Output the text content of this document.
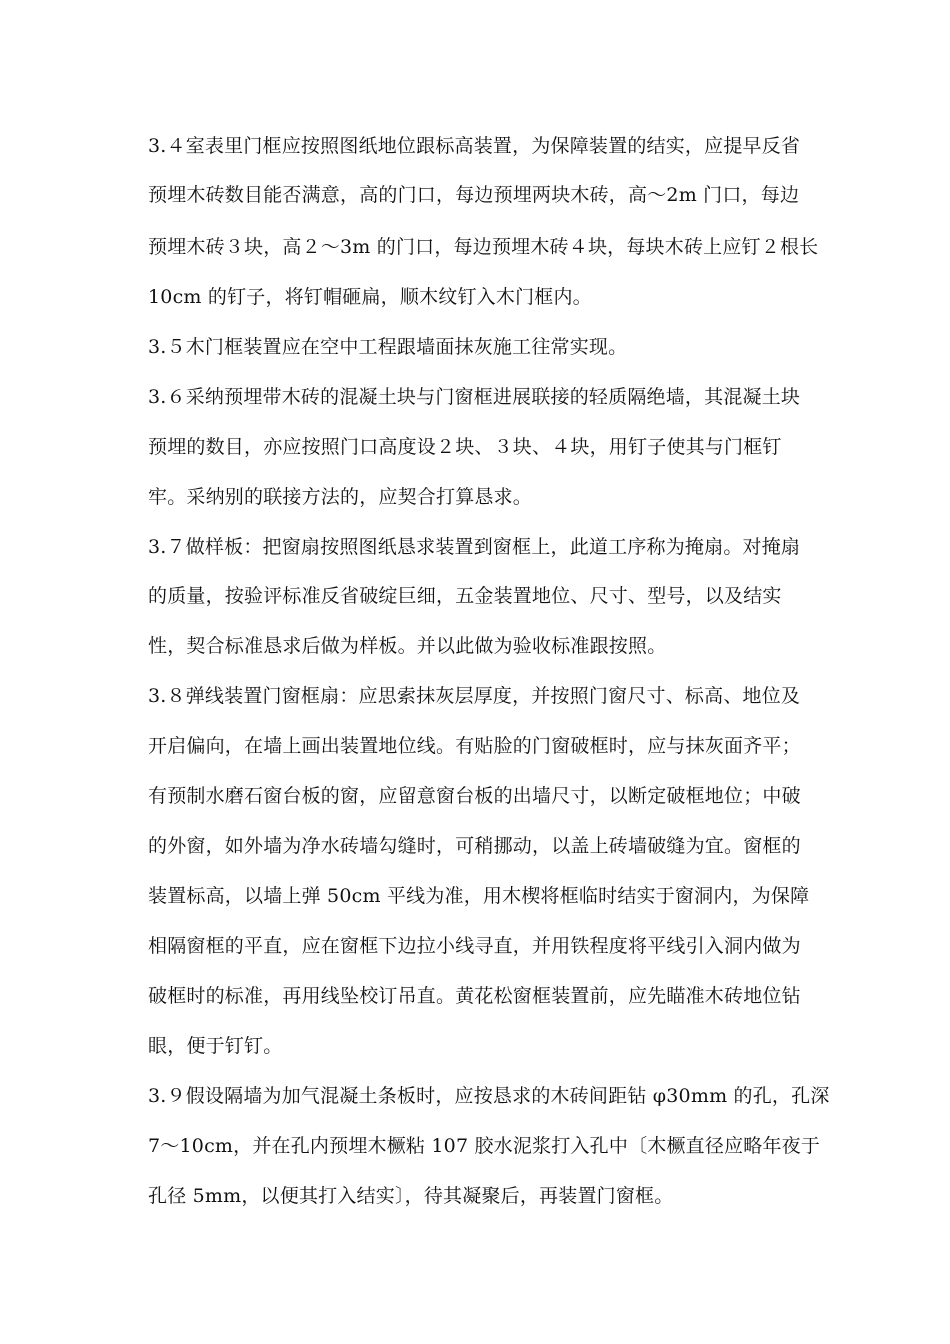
3.４室表里门框应按照图纸地位跟标高装置，为保障装置的结实，应提早反省
预埋木砖数目能否满意，高的门口，每边预埋两块木砖，高～2m 门口，每边
预埋木砖３块，高２～3m 的门口，每边预埋木砖４块，每块木砖上应钉２根长
10cm 的钉子，将钉帽砸扁，顺木纹钉入木门框内。
3.５木门框装置应在空中工程跟墙面抹灰施工往常实现。
3.６采纳预埋带木砖的混凝土块与门窗框进展联接的轻质隔绝墙，其混凝土块
预埋的数目，亦应按照门口高度设２块、３块、４块，用钉子使其与门框钉
牢。采纳别的联接方法的，应契合打算恳求。
3.７做样板：把窗扇按照图纸恳求装置到窗框上，此道工序称为掩扇。对掩扇
的质量，按验评标准反省破绽巨细，五金装置地位、尺寸、型号，以及结实
性，契合标准恳求后做为样板。并以此做为验收标准跟按照。
3.８弹线装置门窗框扇：应思索抹灰层厚度，并按照门窗尺寸、标高、地位及
开启偏向，在墙上画出装置地位线。有贴脸的门窗破框时，应与抹灰面齐平；
有预制水磨石窗台板的窗，应留意窗台板的出墙尺寸，以断定破框地位；中破
的外窗，如外墙为净水砖墙勾缝时，可稍挪动，以盖上砖墙破缝为宜。窗框的
装置标高，以墙上弹 50cm 平线为准，用木楔将框临时结实于窗洞内，为保障
相隔窗框的平直，应在窗框下边拉小线寻直，并用铁程度将平线引入洞内做为
破框时的标准，再用线坠校订吊直。黄花松窗框装置前，应先瞄准木砖地位钻
眼，便于钉钉。
3.９假设隔墙为加气混凝土条板时，应按恳求的木砖间距钻 φ30mm 的孔，孔深
7～10cm，并在孔内预埋木橛粘 107 胶水泥浆打入孔中〔木橛直径应略年夜于
孔径 5mm，以便其打入结实〕，待其凝聚后，再装置门窗框。
